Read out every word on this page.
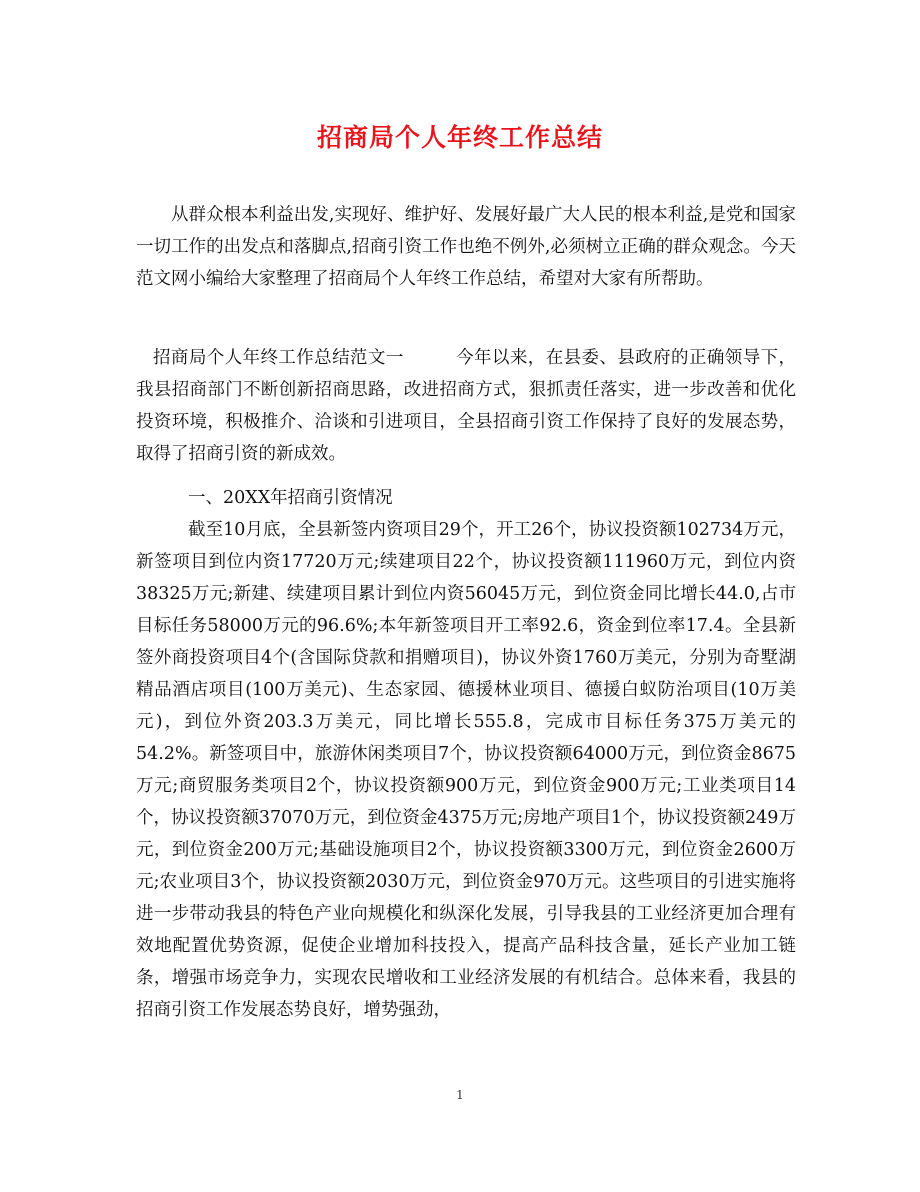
招商局个人年终工作总结
从群众根本利益出发,实现好、维护好、发展好最广大人民的根本利益,是党和国家一切工作的出发点和落脚点,招商引资工作也绝不例外,必须树立正确的群众观念。今天范文网小编给大家整理了招商局个人年终工作总结，希望对大家有所帮助。
招商局个人年终工作总结范文一	今年以来，在县委、县政府的正确领导下，我县招商部门不断创新招商思路，改进招商方式，狠抓责任落实，进一步改善和优化投资环境，积极推介、洽谈和引进项目，全县招商引资工作保持了良好的发展态势，取得了招商引资的新成效。
一、20XX年招商引资情况
截至10月底，全县新签内资项目29个，开工26个，协议投资额102734万元，新签项目到位内资17720万元;续建项目22个，协议投资额111960万元，到位内资38325万元;新建、续建项目累计到位内资56045万元，到位资金同比增长44.0,占市目标任务58000万元的96.6%;本年新签项目开工率92.6，资金到位率17.4。全县新签外商投资项目4个(含国际贷款和捐赠项目)，协议外资1760万美元，分别为奇墅湖精品酒店项目(100万美元)、生态家园、德援林业项目、德援白蚁防治项目(10万美元)，到位外资203.3万美元，同比增长555.8，完成市目标任务375万美元的54.2%。新签项目中，旅游休闲类项目7个，协议投资额64000万元，到位资金8675万元;商贸服务类项目2个，协议投资额900万元，到位资金900万元;工业类项目14个，协议投资额37070万元，到位资金4375万元;房地产项目1个，协议投资额249万元，到位资金200万元;基础设施项目2个，协议投资额3300万元，到位资金2600万元;农业项目3个，协议投资额2030万元，到位资金970万元。这些项目的引进实施将进一步带动我县的特色产业向规模化和纵深化发展，引导我县的工业经济更加合理有效地配置优势资源，促使企业增加科技投入，提高产品科技含量，延长产业加工链条，增强市场竞争力，实现农民增收和工业经济发展的有机结合。总体来看，我县的招商引资工作发展态势良好，增势强劲，
1
